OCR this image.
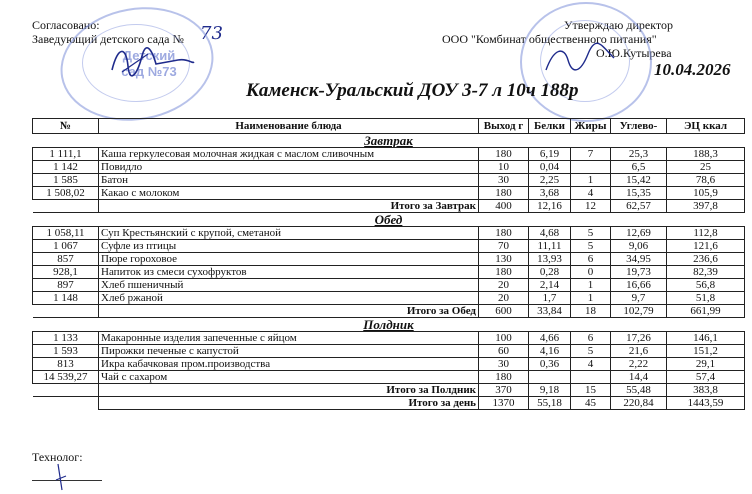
Согласовано:
Заведующий детского сада № 73	Утверждаю директор
ООО "Комбинат общественного питания"
О.Ю.Кутырева
10.04.2026
Детский
сад №73
Каменск-Уральский ДОУ 3-7 л 10ч 188р
№	Наименование блюда	Выход г	Белки	Жиры	Углево-	ЭЦ ккал
Завтрак						
1 111,1	Каша геркулесовая молочная жидкая с маслом сливочным	180	6,19	7	25,3	188,3
1 142	Повидло	10	0,04		6,5	25
1 585	Батон	30	2,25	1	15,42	78,6
1 508,02	Какао с молоком	180	3,68	4	15,35	105,9
	Итого за Завтрак	400	12,16	12	62,57	397,8
Обед						
1 058,11	Суп Крестьянский с крупой, сметаной	180	4,68	5	12,69	112,8
1 067	Суфле из птицы	70	11,11	5	9,06	121,6
857	Пюре гороховое	130	13,93	6	34,95	236,6
928,1	Напиток из смеси сухофруктов	180	0,28	0	19,73	82,39
897	Хлеб пшеничный	20	2,14	1	16,66	56,8
1 148	Хлеб ржаной	20	1,7	1	9,7	51,8
	Итого за Обед	600	33,84	18	102,79	661,99
Полдник						
1 133	Макаронные изделия запеченные с яйцом	100	4,66	6	17,26	146,1
1 593	Пирожки печеные с капустой	60	4,16	5	21,6	151,2
813	Икра кабачковая пром.производства	30	0,36	4	2,22	29,1
14 539,27	Чай с сахаром	180			14,4	57,4
	Итого за Полдник	370	9,18	15	55,48	383,8
	Итого за день	1370	55,18	45	220,84	1443,59
Технолог:
